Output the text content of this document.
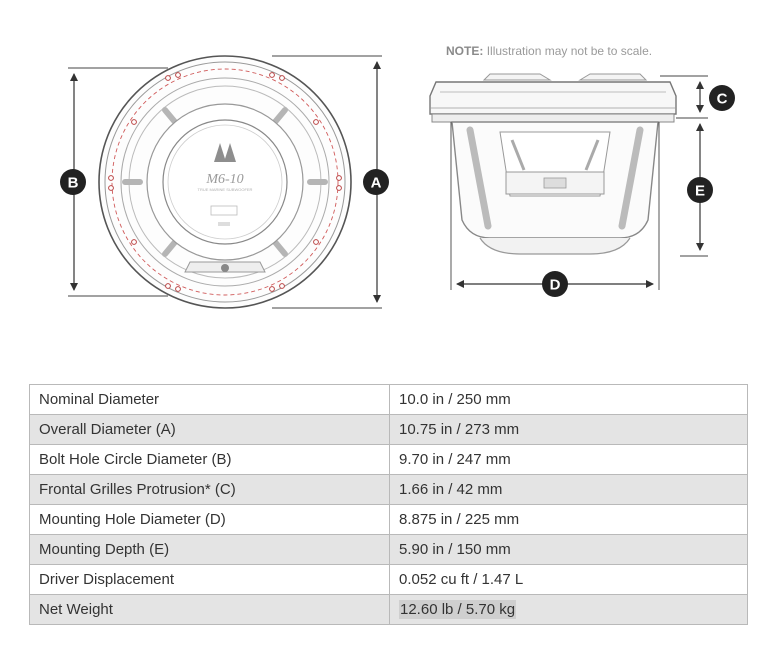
M6-10
TRUE MARINE SUBWOOFER	A
B
C
D
E
NOTE: Illustration may not be to scale.
Nominal Diameter	10.0 in / 250 mm
Overall Diameter (A)	10.75 in / 273 mm
Bolt Hole Circle Diameter (B)	9.70 in / 247 mm
Frontal Grilles Protrusion* (C)	1.66 in / 42 mm
Mounting Hole Diameter (D)	8.875 in / 225 mm
Mounting Depth (E)	5.90 in / 150 mm
Driver Displacement	0.052 cu ft / 1.47 L
Net Weight	12.60 lb / 5.70 kg
